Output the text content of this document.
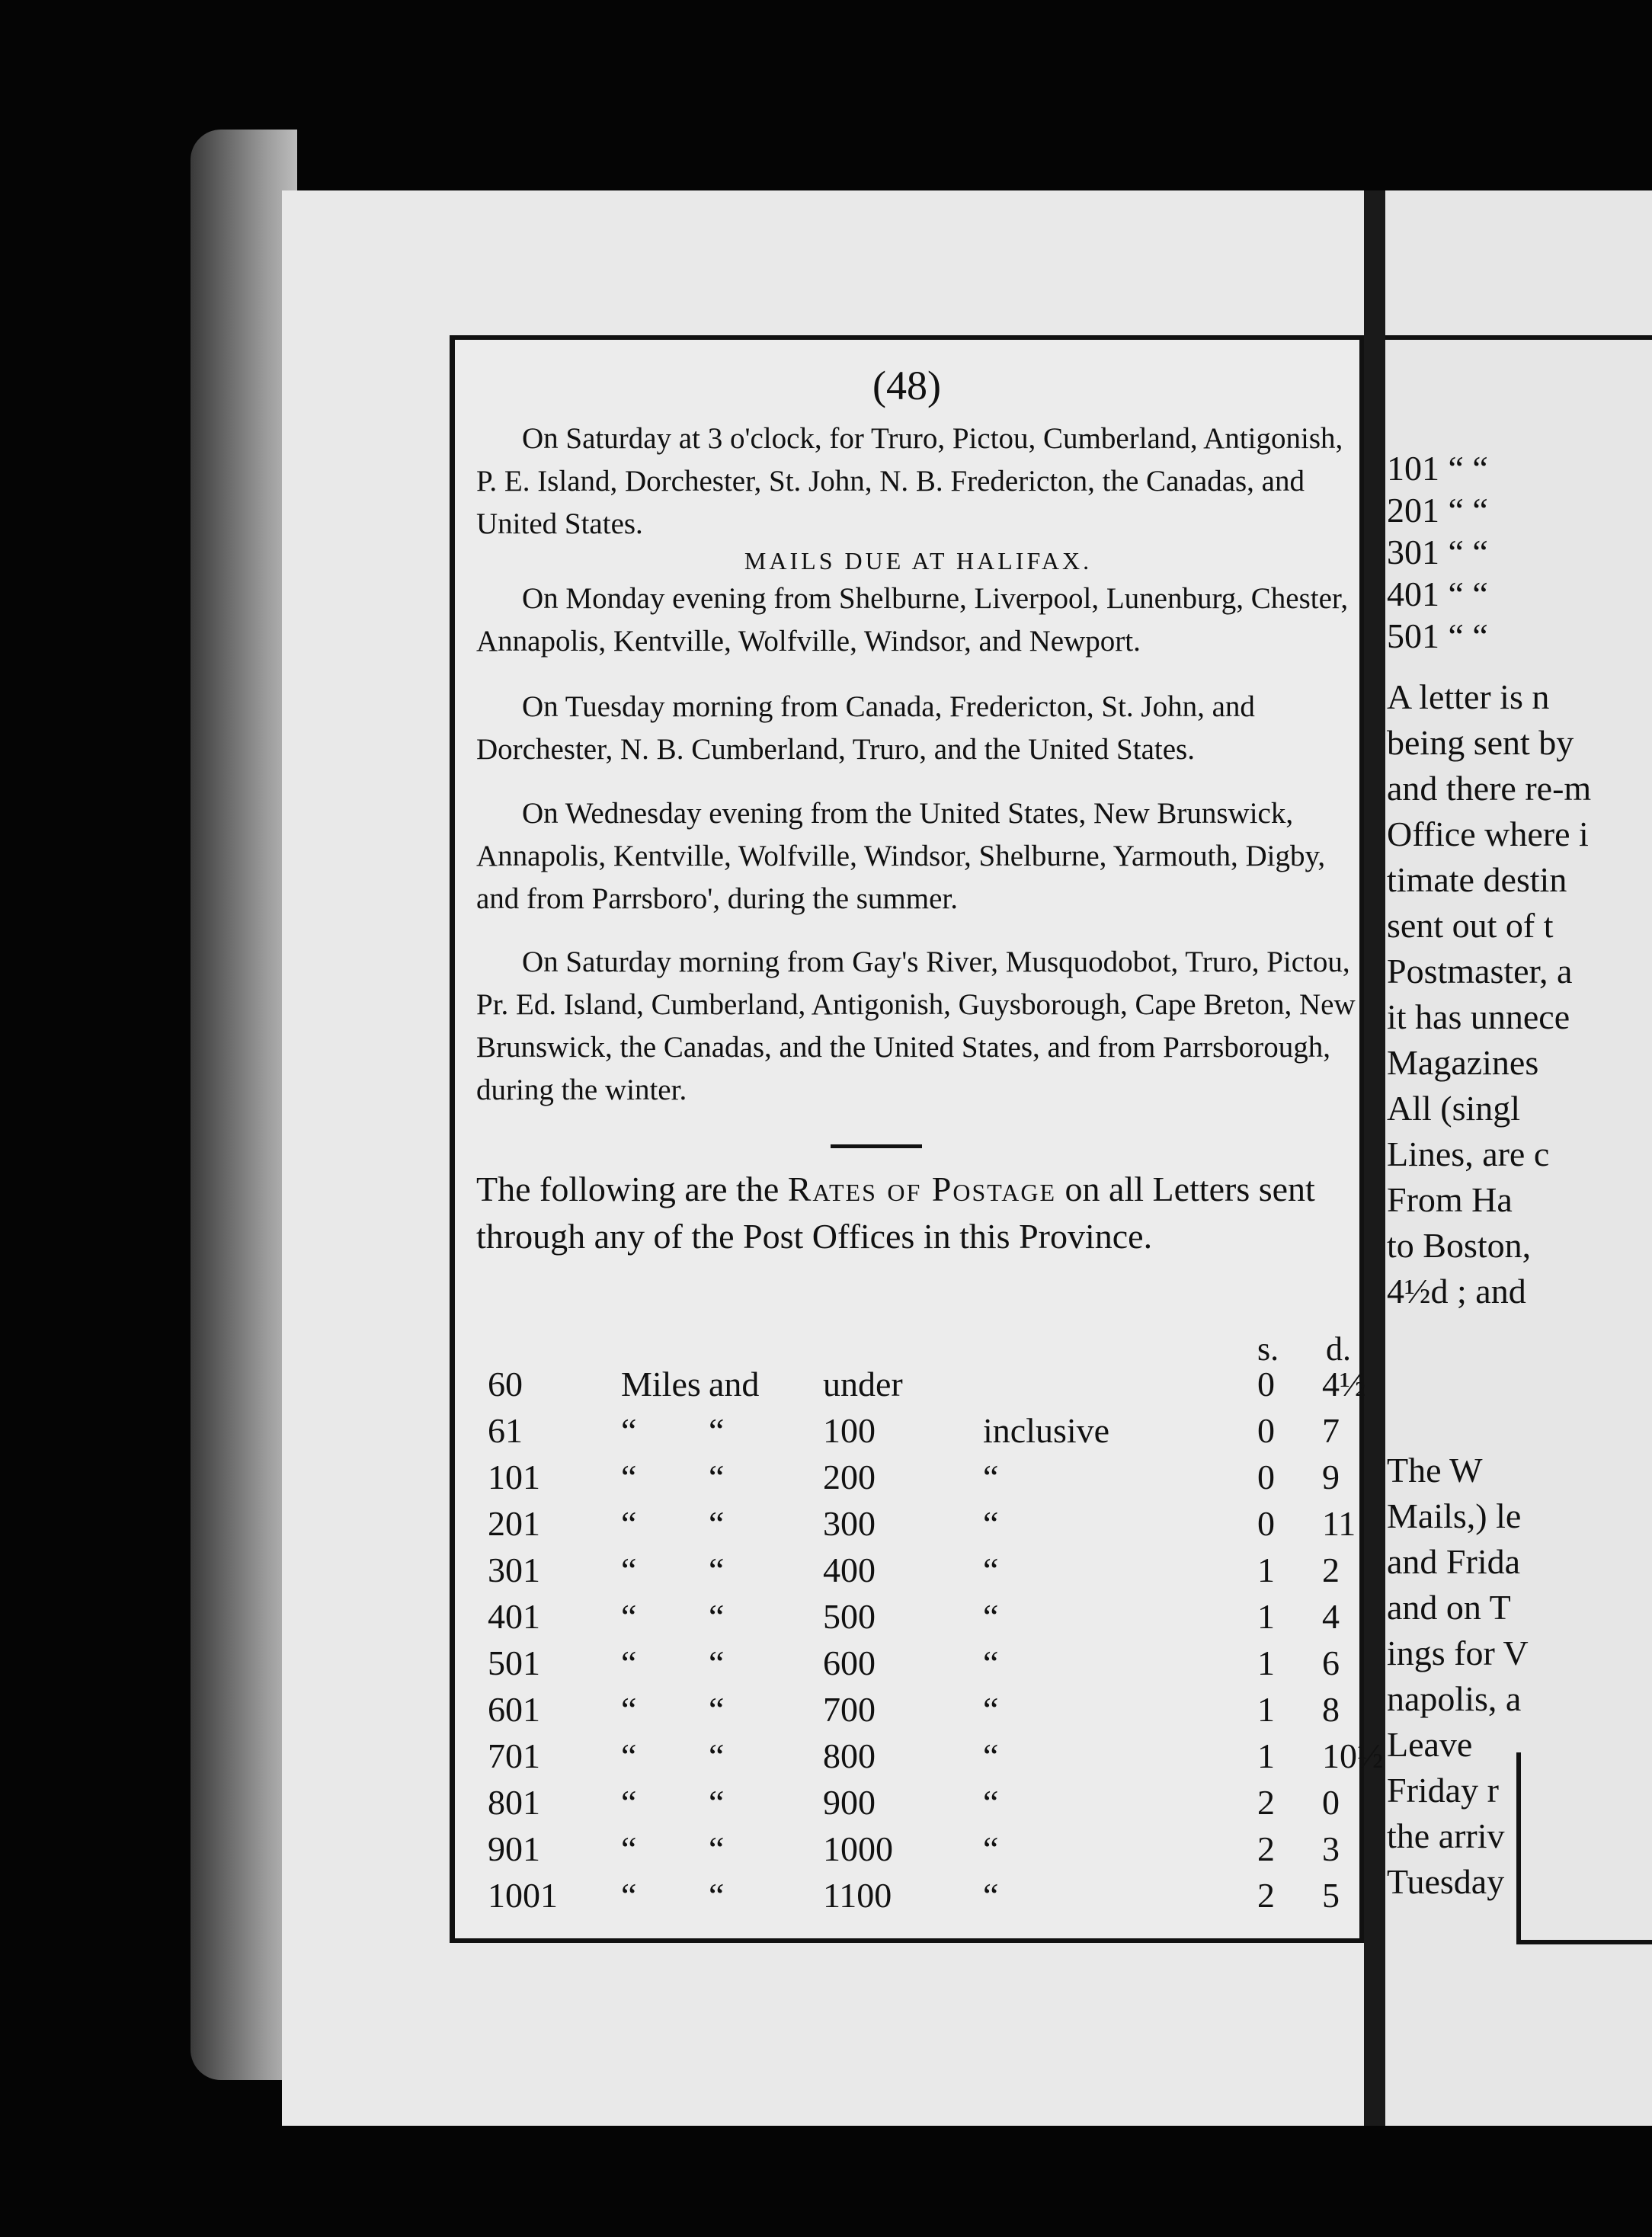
(48)
On Saturday at 3 o'clock, for Truro, Pictou, Cumberland, Antigonish, P. E. Island, Dorchester, St. John, N. B. Fredericton, the Canadas, and United States.
MAILS DUE AT HALIFAX.
On Monday evening from Shelburne, Liverpool, Lunenburg, Chester, Annapolis, Kentville, Wolfville, Windsor, and Newport.
On Tuesday morning from Canada, Fredericton, St. John, and Dorchester, N. B. Cumberland, Truro, and the United States.
On Wednesday evening from the United States, New Brunswick, Annapolis, Kentville, Wolfville, Windsor, Shelburne, Yarmouth, Digby, and from Parrsboro', during the summer.
On Saturday morning from Gay's River, Musquodobot, Truro, Pictou, Pr. Ed. Island, Cumberland, Antigonish, Guysborough, Cape Breton, New Brunswick, the Canadas, and the United States, and from Parrsborough, during the winter.
The following are the Rates of Postage on all Letters sent through any of the Post Offices in this Province.
s. d.
60	Miles and under	0 4½
61	“ “	100	inclusive	0 7
101 “ “	200	“	0 9
201 “ “	300	“	0 11
301 “ “	400	“	1 2
401 “ “	500	“	1 4
501 “ “	600	“	1 6
601 “ “	700	“	1 8
701 “ “	800	“	1 10½
801 “ “	900	“	2 0
901 “ “	1000	“	2 3
1001 “ “	1100	“	2 5
101 “ “
201 “ “
301 “ “
401 “ “
501 “ “
A letter is n
being sent by
and there re-m
Office where i
timate destin
sent out of t
Postmaster, a
it has unnece
Magazines
All (singl
Lines, are c
From Ha
to Boston,
4½d ; and
The W
Mails,) le
and Frida
and on T
ings for V
napolis, a
Leave
Friday r
the arriv
Tuesday
